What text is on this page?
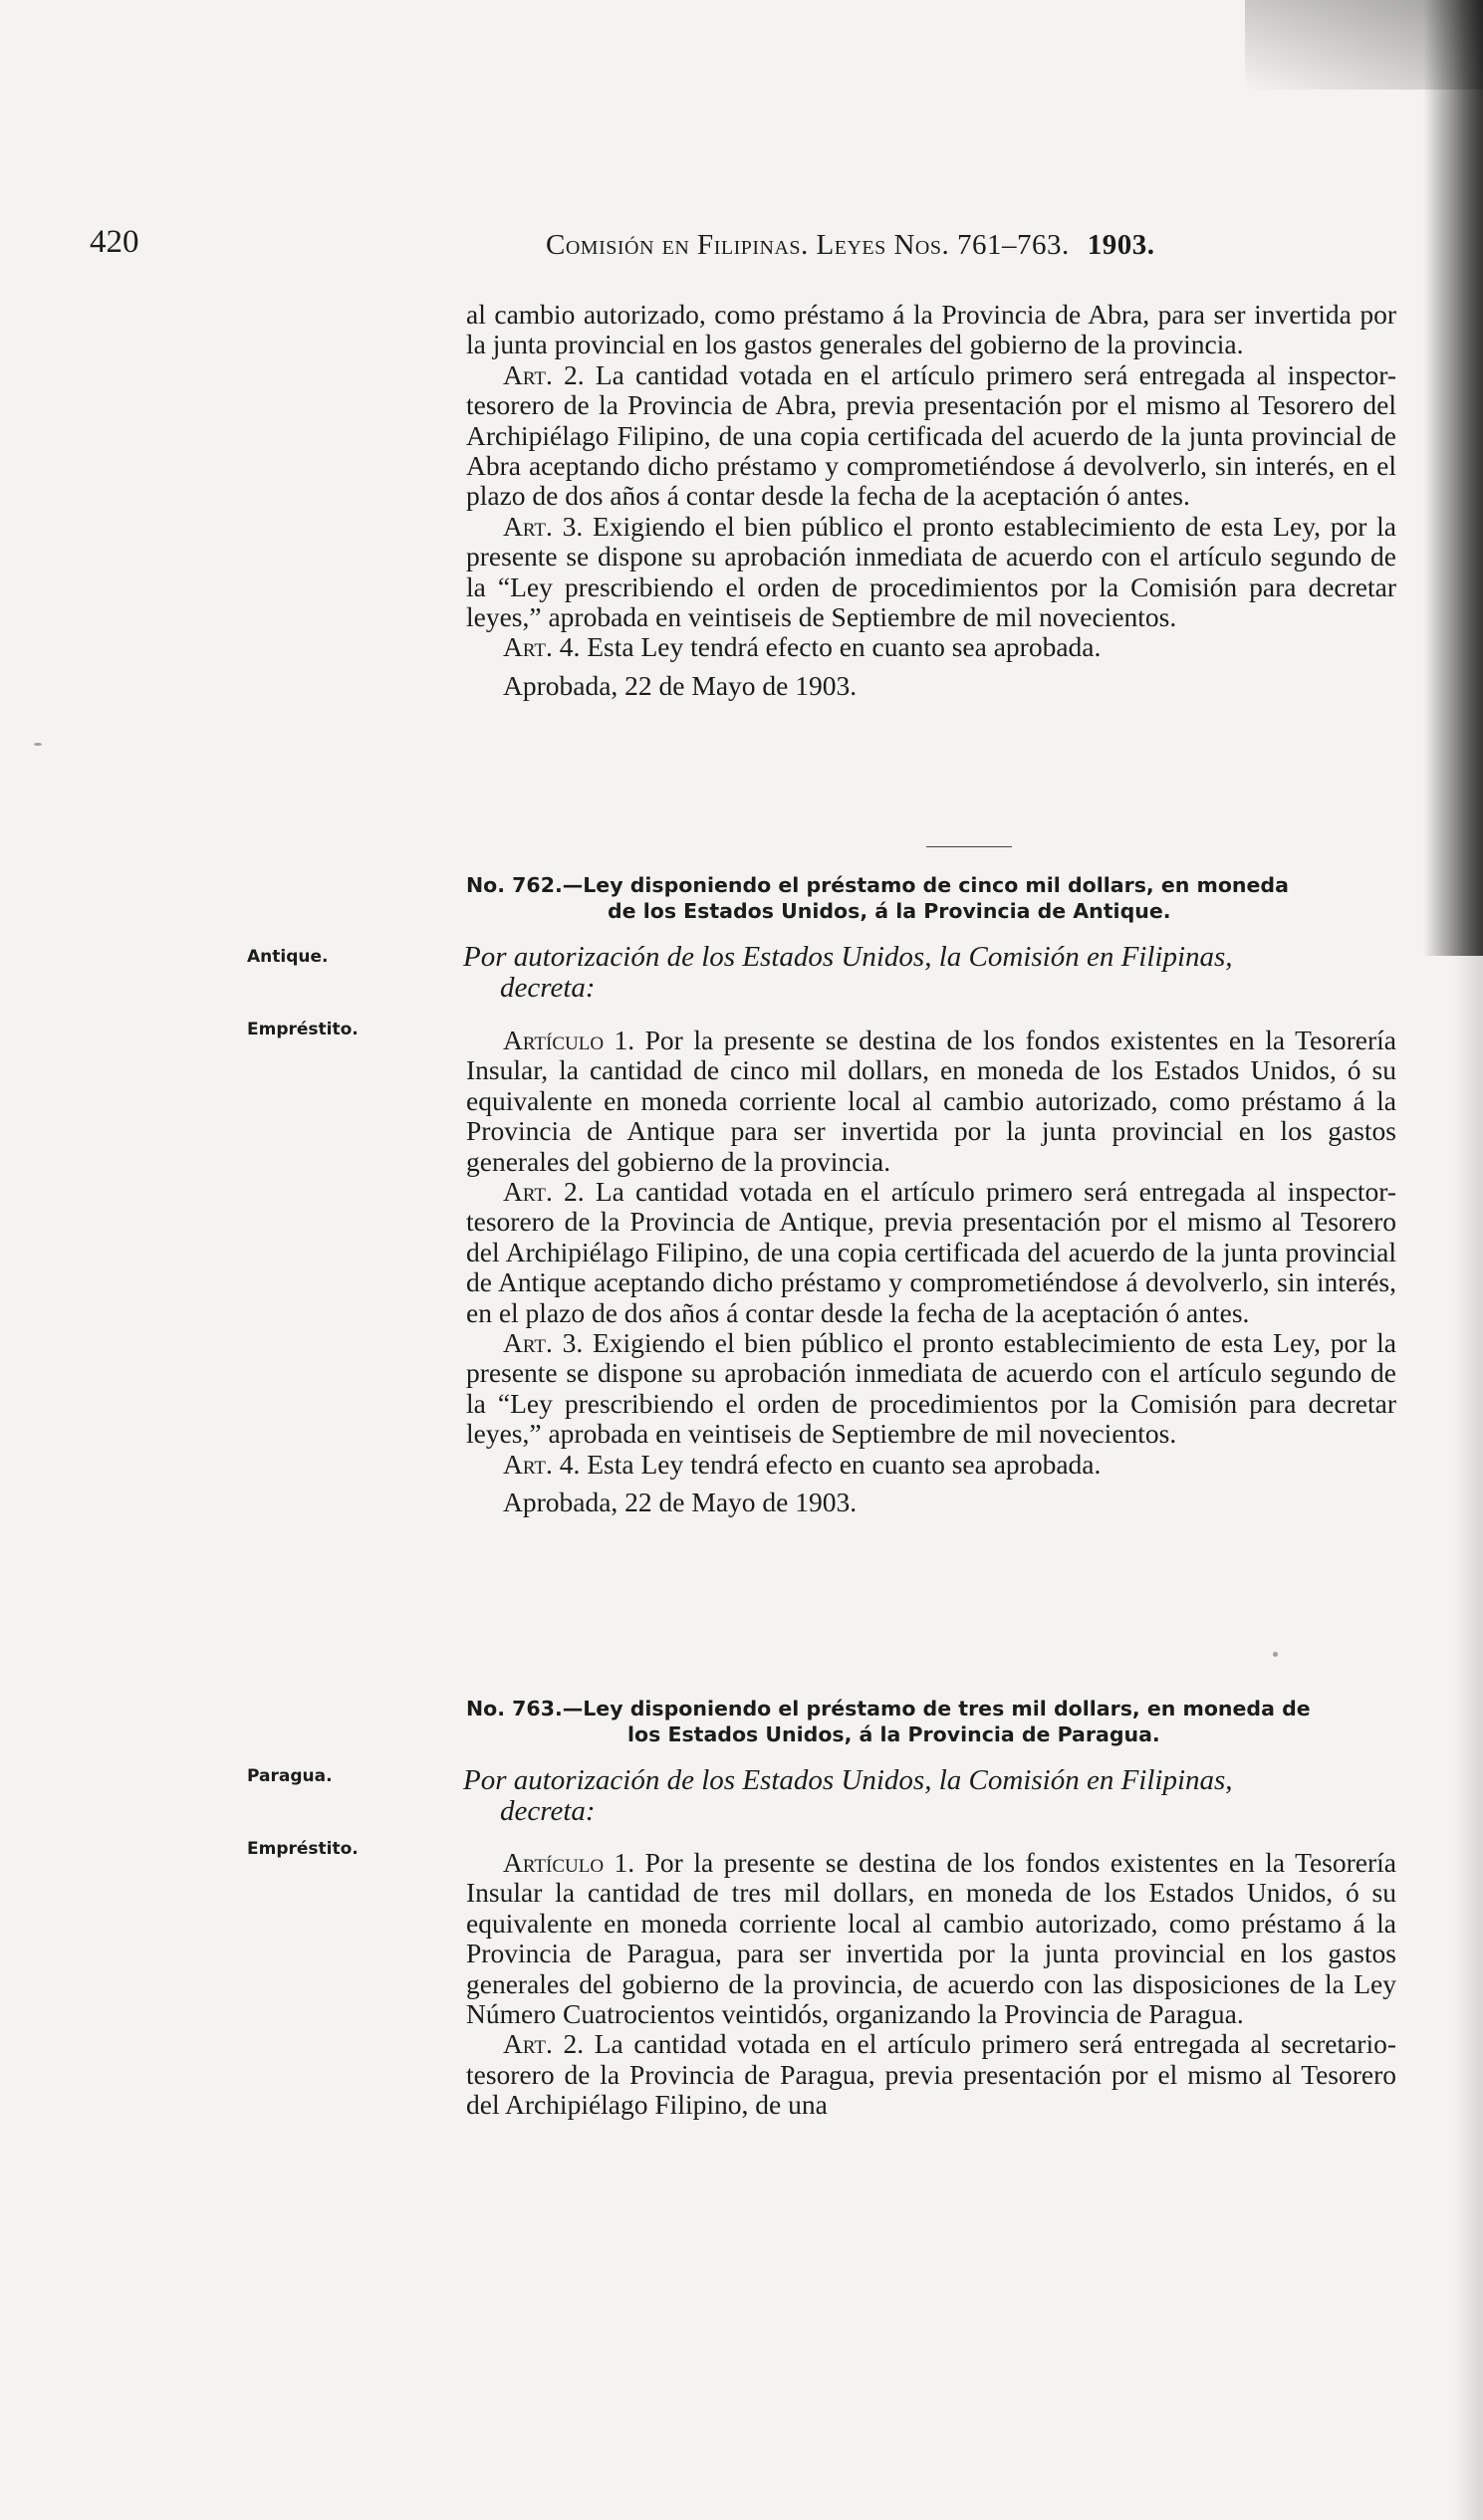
420	Comisión en Filipinas. Leyes Nos. 761–763. 1903.

al cambio autorizado, como préstamo á la Provincia de Abra, para ser invertida por la junta provincial en los gastos generales del gobierno de la provincia.

Art. 2. La cantidad votada en el artículo primero será entregada al inspector-tesorero de la Provincia de Abra, previa presentación por el mismo al Tesorero del Archipiélago Filipino, de una copia certificada del acuerdo de la junta provincial de Abra aceptando dicho préstamo y comprometiéndose á devolverlo, sin interés, en el plazo de dos años á contar desde la fecha de la aceptación ó antes.

Art. 3. Exigiendo el bien público el pronto establecimiento de esta Ley, por la presente se dispone su aprobación inmediata de acuerdo con el artículo segundo de la “Ley prescribiendo el orden de procedimientos por la Comisión para decretar leyes,” aprobada en veintiseis de Septiembre de mil novecientos.

Art. 4. Esta Ley tendrá efecto en cuanto sea aprobada.

Aprobada, 22 de Mayo de 1903.

No. 762.—Ley disponiendo el préstamo de cinco mil dollars, en moneda
de los Estados Unidos, á la Provincia de Antique.

Antique.

Empréstito.

Por autorización de los Estados Unidos, la Comisión en Filipinas,
decreta:

Artículo 1. Por la presente se destina de los fondos existentes en la Tesorería Insular, la cantidad de cinco mil dollars, en moneda de los Estados Unidos, ó su equivalente en moneda corriente local al cambio autorizado, como préstamo á la Provincia de Antique para ser invertida por la junta provincial en los gastos generales del gobierno de la provincia.

Art. 2. La cantidad votada en el artículo primero será entregada al inspector-tesorero de la Provincia de Antique, previa presentación por el mismo al Tesorero del Archipiélago Filipino, de una copia certificada del acuerdo de la junta provincial de Antique aceptando dicho préstamo y comprometiéndose á devolverlo, sin interés, en el plazo de dos años á contar desde la fecha de la aceptación ó antes.

Art. 3. Exigiendo el bien público el pronto establecimiento de esta Ley, por la presente se dispone su aprobación inmediata de acuerdo con el artículo segundo de la “Ley prescribiendo el orden de procedimientos por la Comisión para decretar leyes,” aprobada en veintiseis de Septiembre de mil novecientos.

Art. 4. Esta Ley tendrá efecto en cuanto sea aprobada.

Aprobada, 22 de Mayo de 1903.

No. 763.—Ley disponiendo el préstamo de tres mil dollars, en moneda de
los Estados Unidos, á la Provincia de Paragua.

Paragua.

Empréstito.

Por autorización de los Estados Unidos, la Comisión en Filipinas,
decreta:

Artículo 1. Por la presente se destina de los fondos existentes en la Tesorería Insular la cantidad de tres mil dollars, en moneda de los Estados Unidos, ó su equivalente en moneda corriente local al cambio autorizado, como préstamo á la Provincia de Paragua, para ser invertida por la junta provincial en los gastos generales del gobierno de la provincia, de acuerdo con las disposiciones de la Ley Número Cuatrocientos veintidós, organizando la Provincia de Paragua.

Art. 2. La cantidad votada en el artículo primero será entregada al secretario-tesorero de la Provincia de Paragua, previa presentación por el mismo al Tesorero del Archipiélago Filipino, de una
